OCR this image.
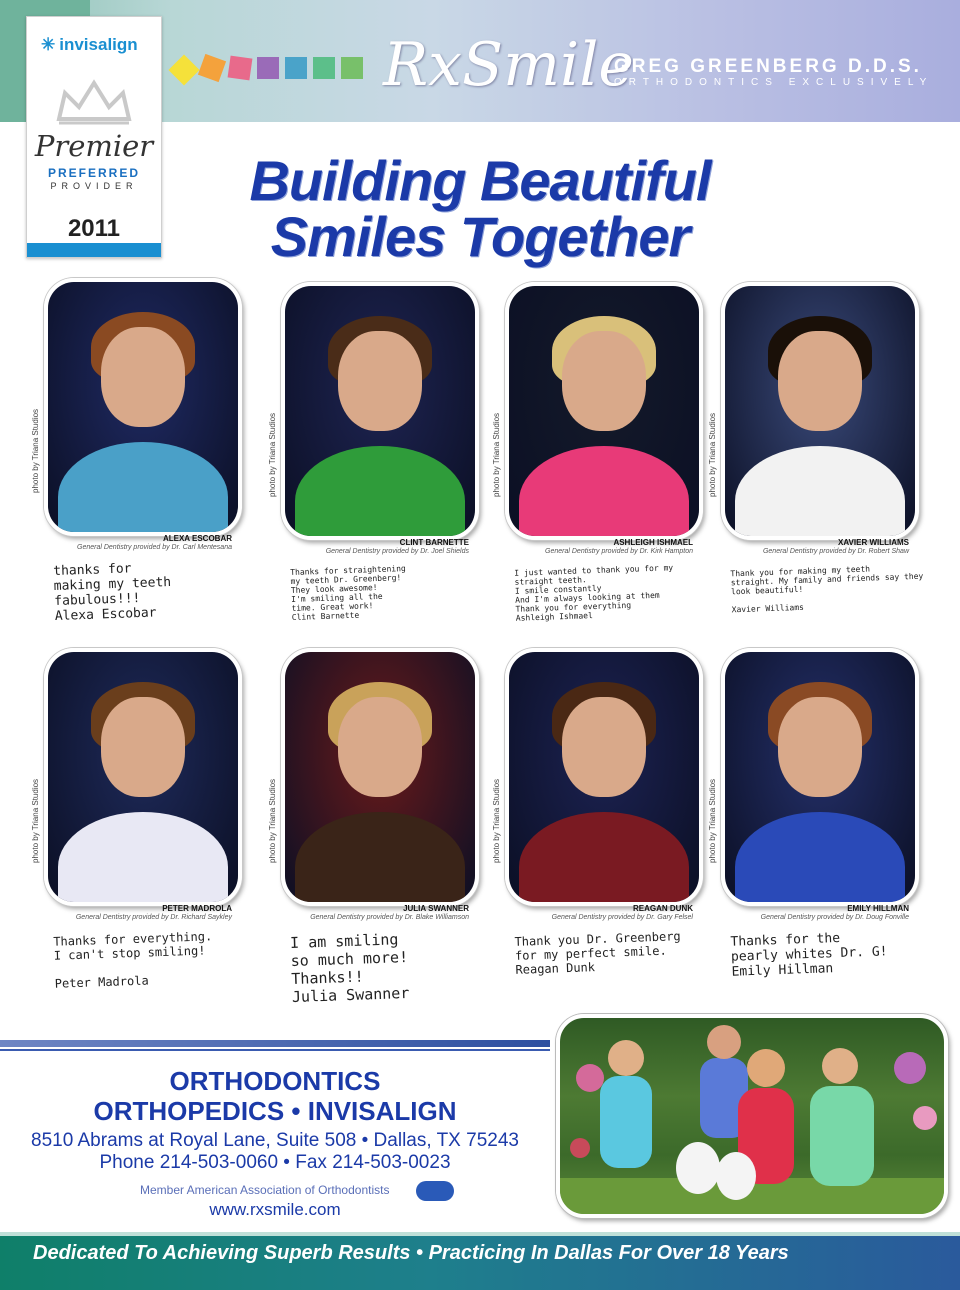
✳ invisalign
Premier
PREFERRED
PROVIDER
2011
RxSmile
GREG GREENBERG D.D.S.
ORTHODONTICS EXCLUSIVELY
Building Beautiful
Smiles Together
photo by Triana Studios
ALEXA ESCOBAR
General Dentistry provided by Dr. Carl Mentesana
thanks for
making my teeth
fabulous!!!
Alexa Escobar
photo by Triana Studios
CLINT BARNETTE
General Dentistry provided by Dr. Joel Shields
Thanks for straightening
my teeth Dr. Greenberg!
They look awesome!
I'm smiling all the
time. Great work!
Clint Barnette
photo by Triana Studios
ASHLEIGH ISHMAEL
General Dentistry provided by Dr. Kirk Hampton
I just wanted to thank you for my
straight teeth.
I smile constantly
And I'm always looking at them
Thank you for everything
Ashleigh Ishmael
photo by Triana Studios
XAVIER WILLIAMS
General Dentistry provided by Dr. Robert Shaw
Thank you for making my teeth
straight. My family and friends say they
look beautiful!

Xavier Williams
photo by Triana Studios
PETER MADROLA
General Dentistry provided by Dr. Richard Saykley
Thanks for everything.
I can't stop smiling!

Peter Madrola
photo by Triana Studios
JULIA SWANNER
General Dentistry provided by Dr. Blake Williamson
I am smiling
so much more!
Thanks!!
Julia Swanner
photo by Triana Studios
REAGAN DUNK
General Dentistry provided by Dr. Gary Felsel
Thank you Dr. Greenberg
for my perfect smile.
Reagan Dunk
photo by Triana Studios
EMILY HILLMAN
General Dentistry provided by Dr. Doug Fonville
Thanks for the
pearly whites Dr. G!
Emily Hillman
ORTHODONTICS
ORTHOPEDICS • INVISALIGN
8510 Abrams at Royal Lane, Suite 508 • Dallas, TX 75243
Phone 214-503-0060 • Fax 214-503-0023
Member American Association of Orthodontists
www.rxsmile.com
Dedicated To Achieving Superb Results • Practicing In Dallas For Over 18 Years
